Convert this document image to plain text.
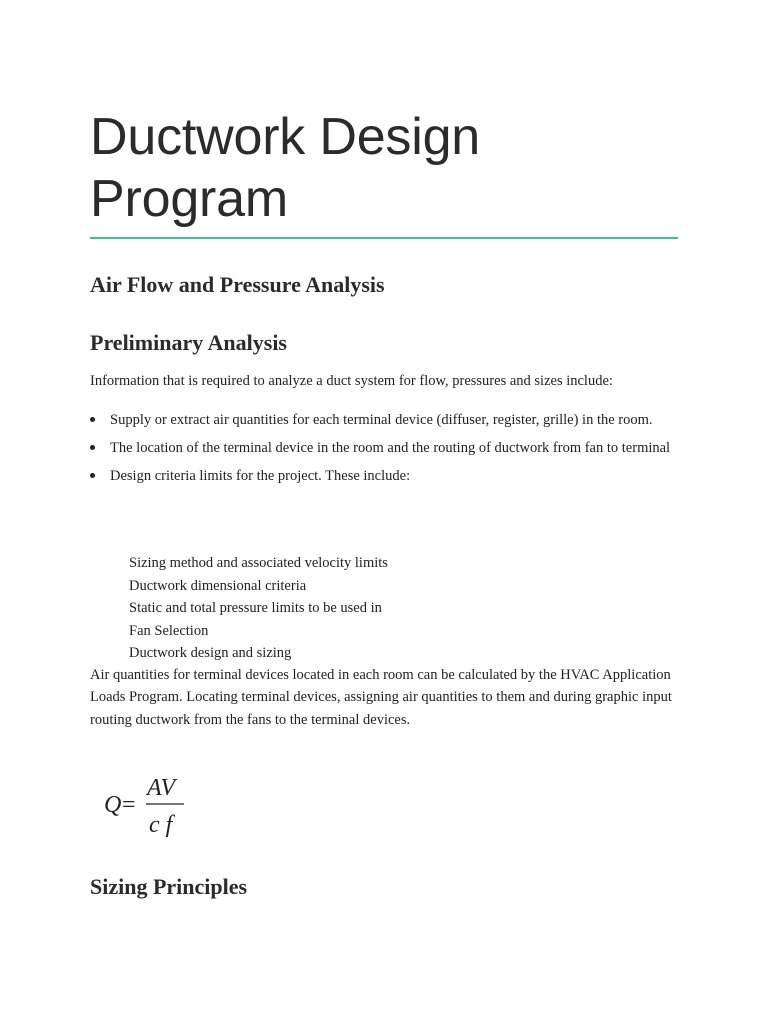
Ductwork Design Program
Air Flow and Pressure Analysis
Preliminary Analysis

Information that is required to analyze a duct system for flow, pressures and sizes include:

Supply or extract air quantities for each terminal device (diffuser, register, grille) in the room.
The location of the terminal device in the room and the routing of ductwork from fan to terminal
Design criteria limits for the project. These include:
Sizing method and associated velocity limits
Ductwork dimensional criteria
Static and total pressure limits to be used in
Fan Selection
Ductwork design and sizing

Air quantities for terminal devices located in each room can be calculated by the HVAC Application Loads Program. Locating terminal devices, assigning air quantities to them and during graphic input routing ductwork from the fans to the terminal devices.

Q =
AV
c f
Sizing Principles
